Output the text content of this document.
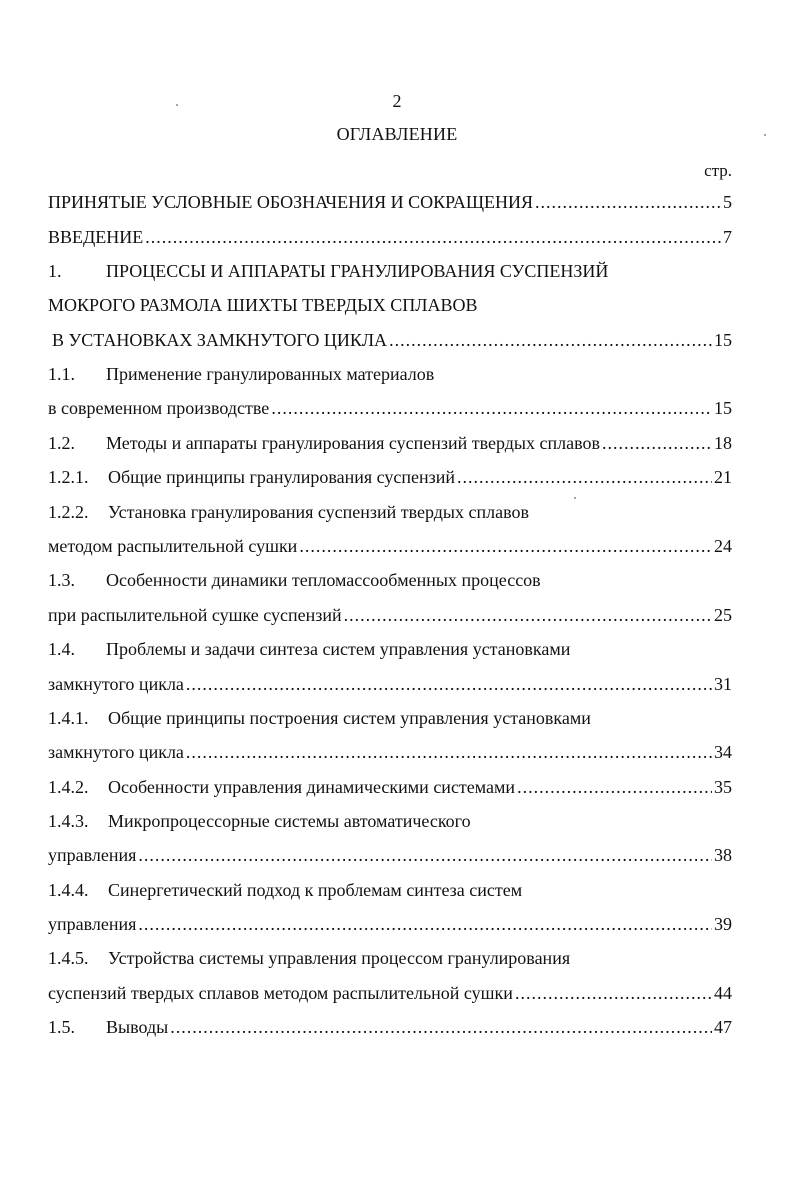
2
ОГЛАВЛЕНИЕ
стр.
ПРИНЯТЫЕ УСЛОВНЫЕ ОБОЗНАЧЕНИЯ И СОКРАЩЕНИЯ .....	5
ВВЕДЕНИЕ .....	7
1.	ПРОЦЕССЫ И АППАРАТЫ ГРАНУЛИРОВАНИЯ СУСПЕНЗИЙ
МОКРОГО РАЗМОЛА ШИХТЫ ТВЕРДЫХ СПЛАВОВ
В УСТАНОВКАХ ЗАМКНУТОГО ЦИКЛА .....	15
1.1.	Применение гранулированных материалов
в современном производстве .....	15
1.2.	Методы и аппараты гранулирования суспензий твердых сплавов .....	18
1.2.1.	Общие принципы гранулирования суспензий .....	21
1.2.2.	Установка гранулирования суспензий твердых сплавов
методом распылительной сушки .....	24
1.3.	Особенности динамики тепломассообменных процессов
при распылительной сушке суспензий .....	25
1.4.	Проблемы и задачи синтеза систем управления установками
замкнутого цикла .....	31
1.4.1.	Общие принципы построения систем управления установками
замкнутого цикла .....	34
1.4.2.	Особенности управления динамическими системами .....	35
1.4.3.	Микропроцессорные системы автоматического
управления .....	38
1.4.4.	Синергетический подход к проблемам синтеза систем
управления .....	39
1.4.5.	Устройства системы управления процессом гранулирования
суспензий твердых сплавов методом распылительной сушки .....	44
1.5.	Выводы .....	47
